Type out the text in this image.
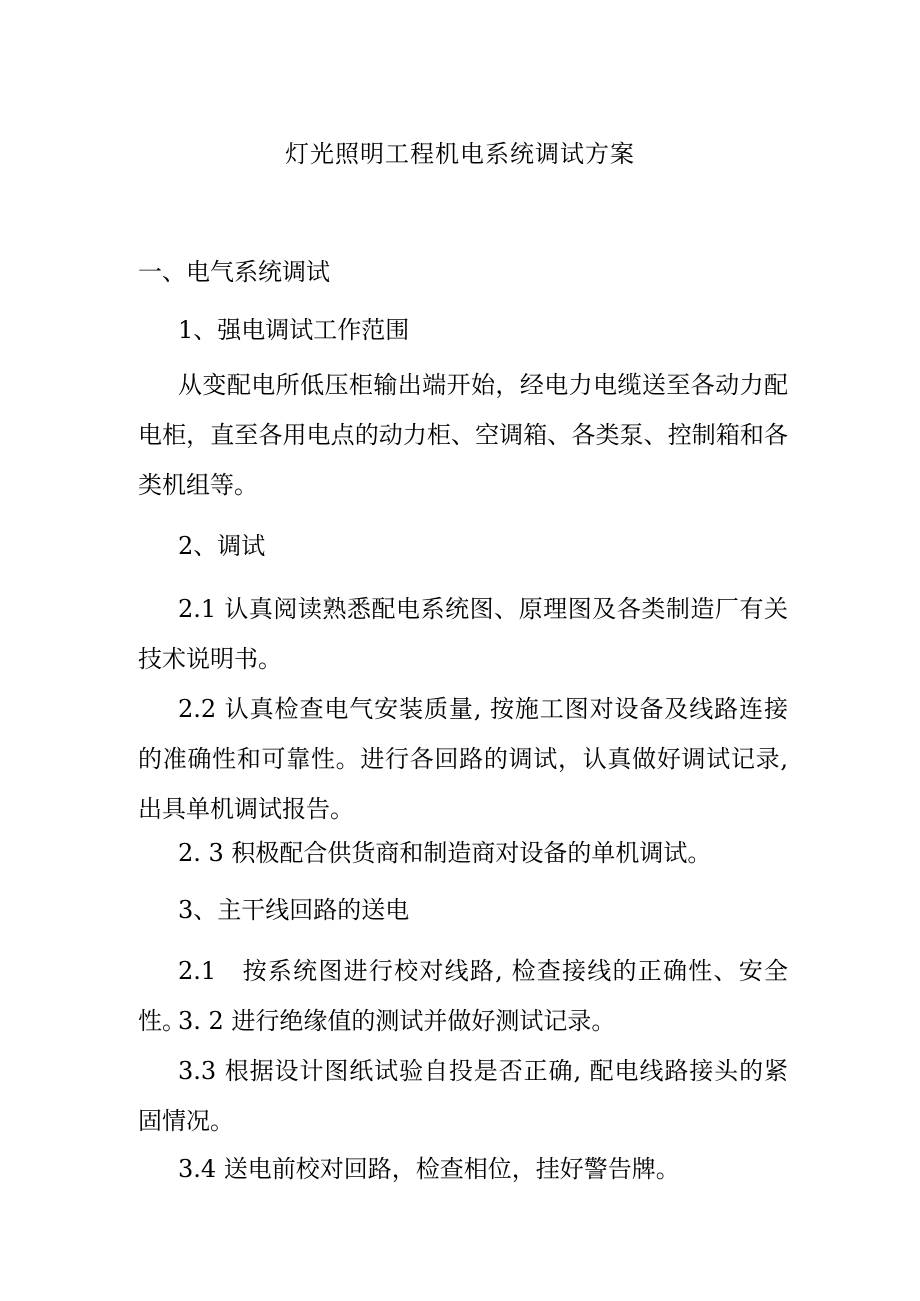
灯光照明工程机电系统调试方案
一、电气系统调试
1、强电调试工作范围
从变配电所低压柜输出端开始，经电力电缆送至各动力配电柜，直至各用电点的动力柜、空调箱、各类泵、控制箱和各类机组等。
2、调试
2.1 认真阅读熟悉配电系统图、原理图及各类制造厂有关技术说明书。
2.2 认真检查电气安装质量, 按施工图对设备及线路连接的准确性和可靠性。进行各回路的调试，认真做好调试记录, 出具单机调试报告。
2. 3 积极配合供货商和制造商对设备的单机调试。
3、主干线回路的送电
2.1　按系统图进行校对线路, 检查接线的正确性、安全性。
3. 2 进行绝缘值的测试并做好测试记录。
3.3 根据设计图纸试验自投是否正确, 配电线路接头的紧固情况。
3.4 送电前校对回路，检查相位，挂好警告牌。
